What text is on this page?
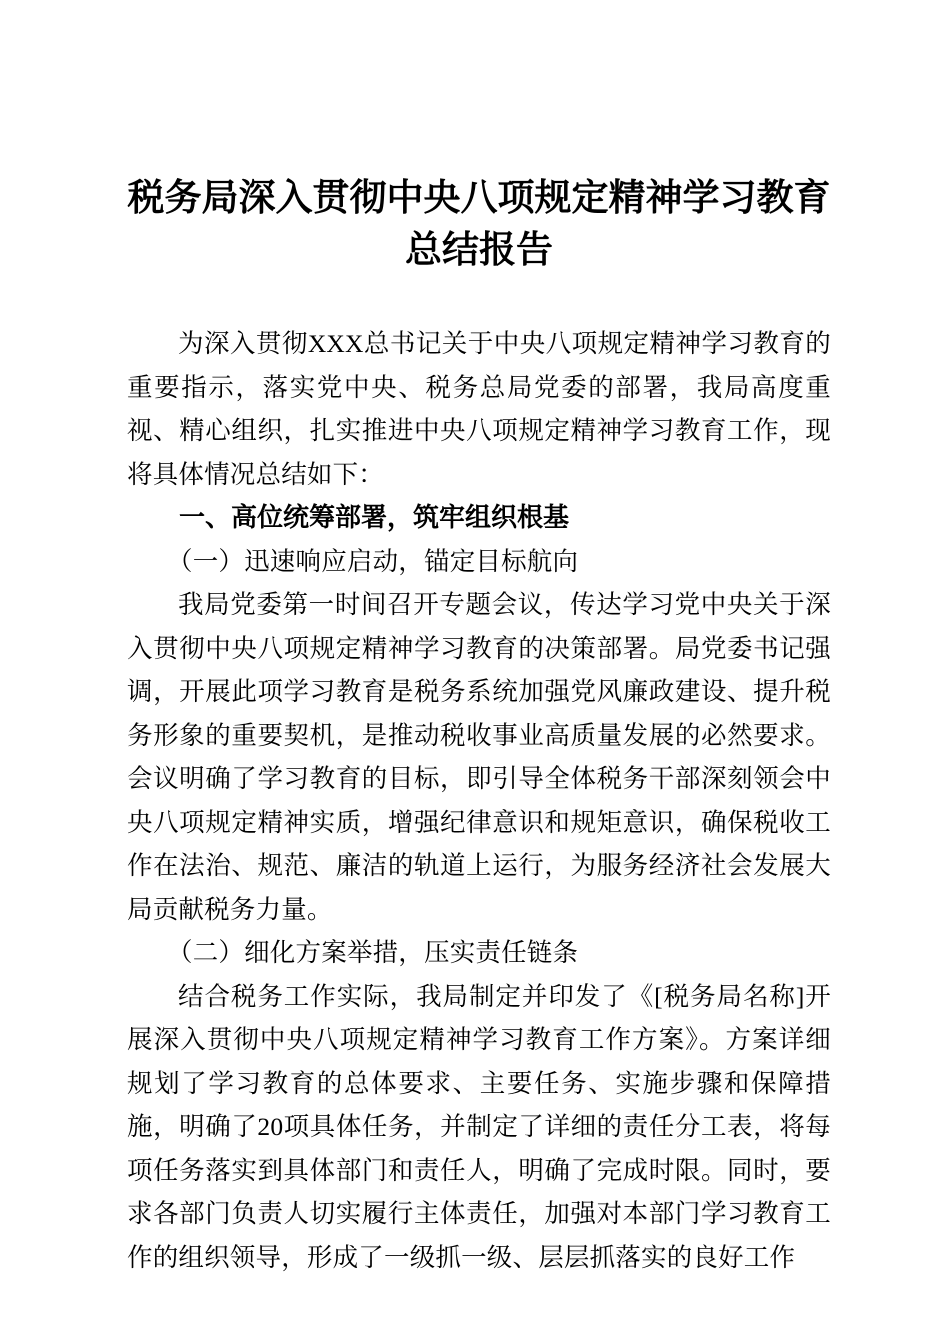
税务局深入贯彻中央八项规定精神学习教育总结报告

为深入贯彻XXX总书记关于中央八项规定精神学习教育的重要指示，落实党中央、税务总局党委的部署，我局高度重视、精心组织，扎实推进中央八项规定精神学习教育工作，现将具体情况总结如下：

一、高位统筹部署，筑牢组织根基

（一）迅速响应启动，锚定目标航向

我局党委第一时间召开专题会议，传达学习党中央关于深入贯彻中央八项规定精神学习教育的决策部署。局党委书记强调，开展此项学习教育是税务系统加强党风廉政建设、提升税务形象的重要契机，是推动税收事业高质量发展的必然要求。会议明确了学习教育的目标，即引导全体税务干部深刻领会中央八项规定精神实质，增强纪律意识和规矩意识，确保税收工作在法治、规范、廉洁的轨道上运行，为服务经济社会发展大局贡献税务力量。

（二）细化方案举措，压实责任链条

结合税务工作实际，我局制定并印发了《[税务局名称]开展深入贯彻中央八项规定精神学习教育工作方案》。方案详细规划了学习教育的总体要求、主要任务、实施步骤和保障措施，明确了20项具体任务，并制定了详细的责任分工表，将每项任务落实到具体部门和责任人，明确了完成时限。同时，要求各部门负责人切实履行主体责任，加强对本部门学习教育工作的组织领导，形成了一级抓一级、层层抓落实的良好工作
